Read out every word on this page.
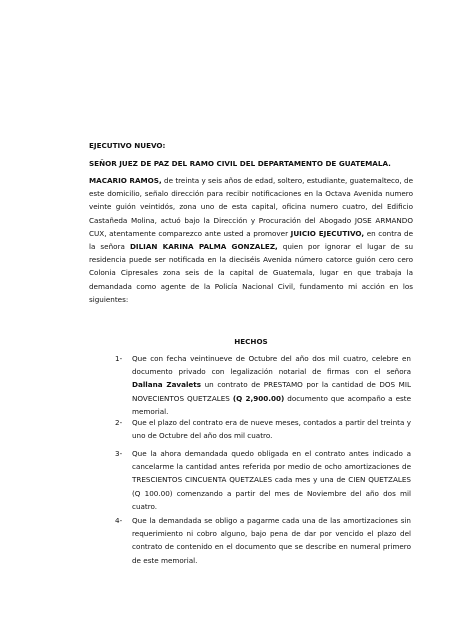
EJECUTIVO NUEVO:
SEÑOR JUEZ DE PAZ DEL RAMO CIVIL DEL DEPARTAMENTO DE GUATEMALA.
MACARIO RAMOS, de treinta y seis años de edad, soltero, estudiante, guatemalteco, de este domicilio, señalo dirección para recibir notificaciones en la Octava Avenida numero veinte guión veintidós, zona uno de esta capital, oficina numero cuatro, del Edificio Castañeda Molina, actuó bajo la Dirección y Procuración del Abogado JOSE ARMANDO CUX, atentamente comparezco ante usted a promover JUICIO EJECUTIVO, en contra de la señora DILIAN KARINA PALMA GONZALEZ, quien por ignorar el lugar de su residencia puede ser notificada en la dieciséis Avenida número catorce guión cero cero Colonia Cipresales zona seis de la capital de Guatemala, lugar en que trabaja la demandada como agente de la Policía Nacional Civil, fundamento mi acción en los siguientes:
HECHOS
1- Que con fecha veintinueve de Octubre del año dos mil cuatro, celebre en documento privado con legalización notarial de firmas con el señora Dallana Zavalets un contrato de PRESTAMO por la cantidad de DOS MIL NOVECIENTOS QUETZALES (Q 2,900.00) documento que acompaño a este memorial.
2- Que el plazo del contrato era de nueve meses, contados a partir del treinta y uno de Octubre del año dos mil cuatro.
3- Que la ahora demandada quedo obligada en el contrato antes indicado a cancelarme la cantidad antes referida por medio de ocho amortizaciones de TRESCIENTOS CINCUENTA QUETZALES cada mes y una de CIEN QUETZALES (Q 100.00) comenzando a partir del mes de Noviembre del año dos mil cuatro.
4- Que la demandada se obligo a pagarme cada una de las amortizaciones sin requerimiento ni cobro alguno, bajo pena de dar por vencido el plazo del contrato de contenido en el documento que se describe en numeral primero de este memorial.
